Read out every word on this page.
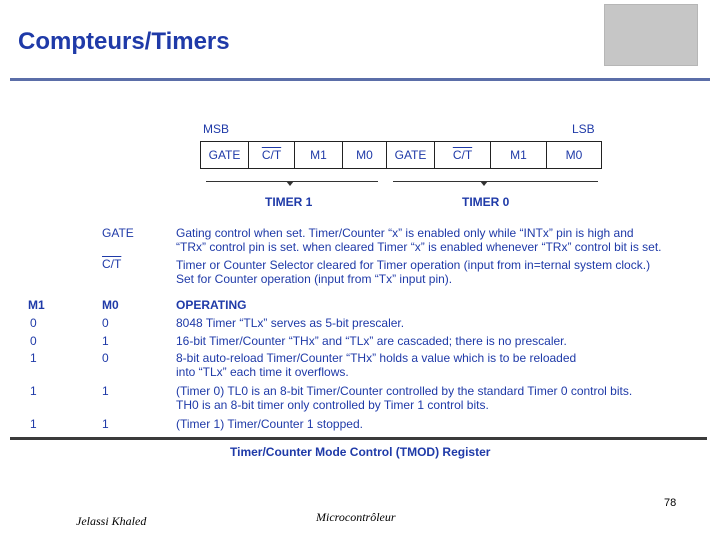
Compteurs/Timers
MSB	LSB
GATE	C/T	M1	M0	GATE	C/T	M1	M0
TIMER 1	TIMER 0
GATE	Gating control when set. Timer/Counter “x” is enabled only while “INTx” pin is high and
“TRx” control pin is set. when cleared Timer “x” is enabled whenever “TRx” control bit is set.
C/T	Timer or Counter Selector cleared for Timer operation (input from in=ternal system clock.)
Set for Counter operation (input from “Tx” input pin).
M1	M0	OPERATING
0	0	8048 Timer “TLx” serves as 5-bit prescaler.
0	1	16-bit Timer/Counter “THx” and “TLx” are cascaded; there is no prescaler.
1	0	8-bit auto-reload Timer/Counter “THx” holds a value which is to be reloaded
into “TLx” each time it overflows.
1	1	(Timer 0) TL0 is an 8-bit Timer/Counter controlled by the standard Timer 0 control bits.
TH0 is an 8-bit timer only controlled by Timer 1 control bits.
1	1	(Timer 1) Timer/Counter 1 stopped.
Timer/Counter Mode Control (TMOD) Register
78
Jelassi Khaled	Microcontrôleur
